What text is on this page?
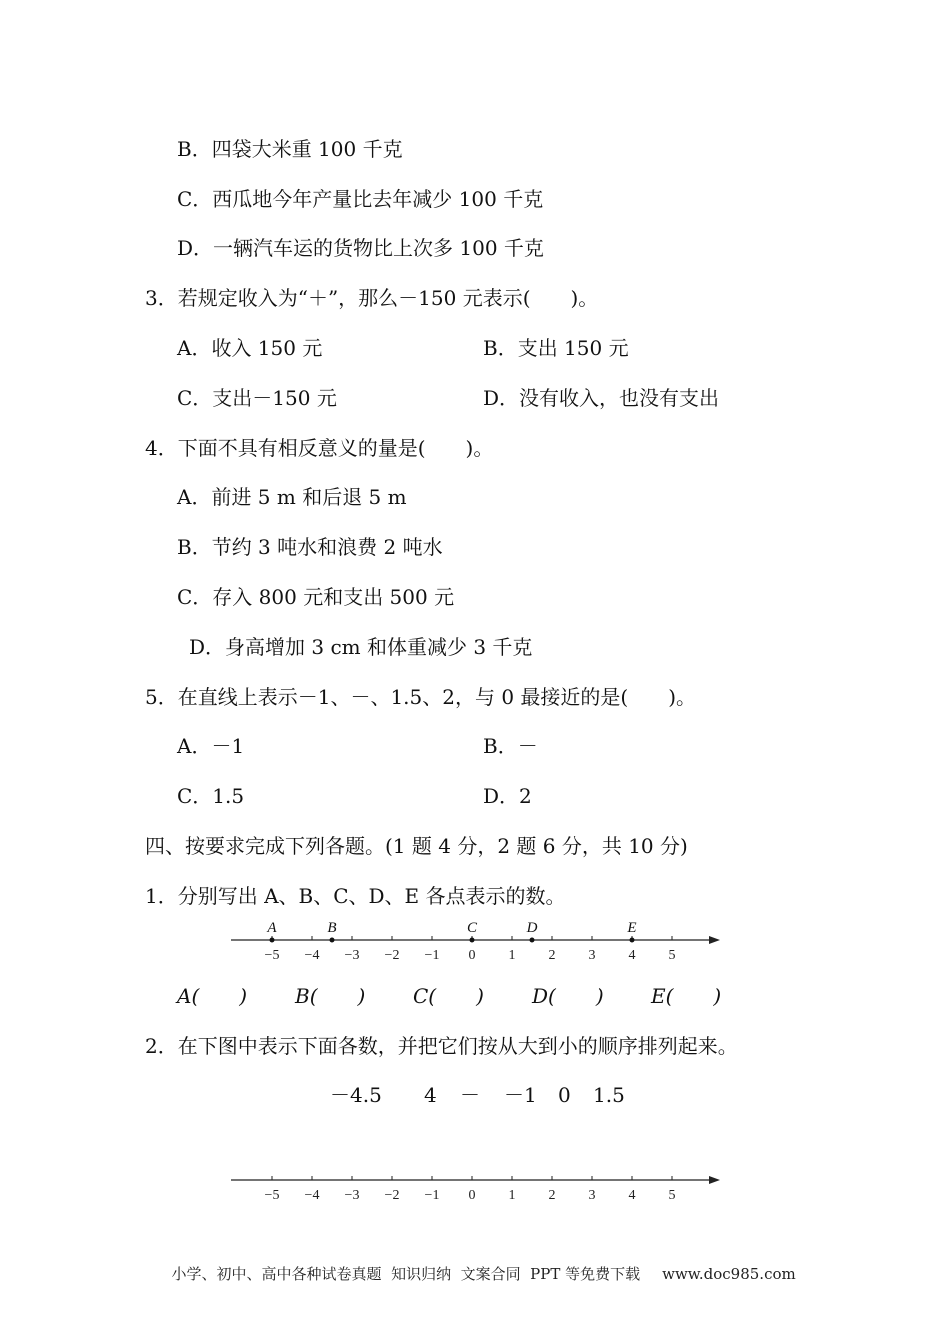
B．四袋大米重 100 千克
C．西瓜地今年产量比去年减少 100 千克
D．一辆汽车运的货物比上次多 100 千克
3．若规定收入为“＋”，那么－150 元表示(　　)。
A．收入 150 元	B．支出 150 元
C．支出－150 元	D．没有收入，也没有支出
4．下面不具有相反意义的量是(　　)。
A．前进 5 m 和后退 5 m
B．节约 3 吨水和浪费 2 吨水
C．存入 800 元和支出 500 元
D．身高增加 3 cm 和体重减少 3 千克
5．在直线上表示－1、－、1.5、2，与 0 最接近的是(　　)。
A．－1	B．－
C．1.5	D．2
四、按要求完成下列各题。(1 题 4 分，2 题 6 分，共 10 分)
1．分别写出 A、B、C、D、E 各点表示的数。
−5 −4 −3 −2 −1 0 1 2 3 4 5
A	B	C	D	E
A(　　) B(　　) C(　　) D(　　) E(　　)
2．在下图中表示下面各数，并把它们按从大到小的顺序排列起来。
－4.5 4 － －1 0 1.5
−5 −4 −3 −2 −1 0 1 2 3 4 5

小学、初中、高中各种试卷真题  知识归纳  文案合同  PPT 等免费下载 www.doc985.com
